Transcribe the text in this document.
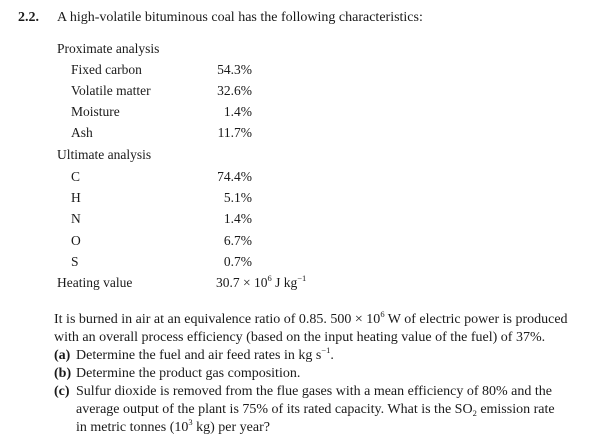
2.2. A high-volatile bituminous coal has the following characteristics:
Proximate analysis
Fixed carbon	54.3%
Volatile matter	32.6%
Moisture	1.4%
Ash	11.7%
Ultimate analysis
C	74.4%
H	5.1%
N	1.4%
O	6.7%
S	0.7%
Heating value	$30.7 \times 10^6$ J $kg^{-1}$
It is burned in air at an equivalence ratio of 0.85. $500 \times 10^6$ W of electric power is produced
with an overall process efficiency (based on the input heating value of the fuel) of 37%.
(a) Determine the fuel and air feed rates in kg $s^{-1}$.
(b) Determine the product gas composition.
(c) Sulfur dioxide is removed from the flue gases with a mean efficiency of 80% and the
average output of the plant is 75% of its rated capacity. What is the $SO_2$ emission rate
in metric tonnes ($10^3$ kg) per year?
